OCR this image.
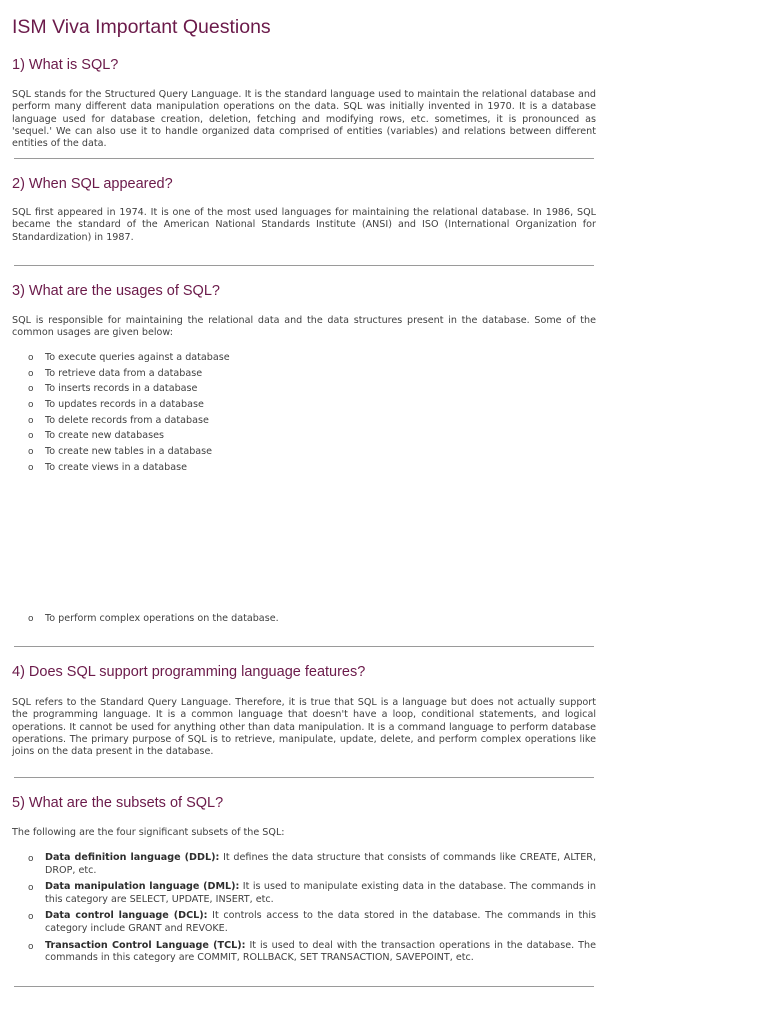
ISM Viva Important Questions
1) What is SQL?

SQL stands for the Structured Query Language. It is the standard language used to maintain the relational database and perform many different data manipulation operations on the data. SQL was initially invented in 1970. It is a database language used for database creation, deletion, fetching and modifying rows, etc. sometimes, it is pronounced as 'sequel.' We can also use it to handle organized data comprised of entities (variables) and relations between different entities of the data.

2) When SQL appeared?

SQL first appeared in 1974. It is one of the most used languages for maintaining the relational database. In 1986, SQL became the standard of the American National Standards Institute (ANSI) and ISO (International Organization for Standardization) in 1987.

3) What are the usages of SQL?

SQL is responsible for maintaining the relational data and the data structures present in the database. Some of the common usages are given below:

o To execute queries against a database
o To retrieve data from a database
o To inserts records in a database
o To updates records in a database
o To delete records from a database
o To create new databases
o To create new tables in a database
o To create views in a database
o To perform complex operations on the database.
4) Does SQL support programming language features?

SQL refers to the Standard Query Language. Therefore, it is true that SQL is a language but does not actually support the programming language. It is a common language that doesn't have a loop, conditional statements, and logical operations. It cannot be used for anything other than data manipulation. It is a command language to perform database operations. The primary purpose of SQL is to retrieve, manipulate, update, delete, and perform complex operations like joins on the data present in the database.

5) What are the subsets of SQL?

The following are the four significant subsets of the SQL:

o Data definition language (DDL): It defines the data structure that consists of commands like CREATE, ALTER, DROP, etc.
o Data manipulation language (DML): It is used to manipulate existing data in the database. The commands in this category are SELECT, UPDATE, INSERT, etc.
o Data control language (DCL): It controls access to the data stored in the database. The commands in this category include GRANT and REVOKE.
o Transaction Control Language (TCL): It is used to deal with the transaction operations in the database. The commands in this category are COMMIT, ROLLBACK, SET TRANSACTION, SAVEPOINT, etc.
